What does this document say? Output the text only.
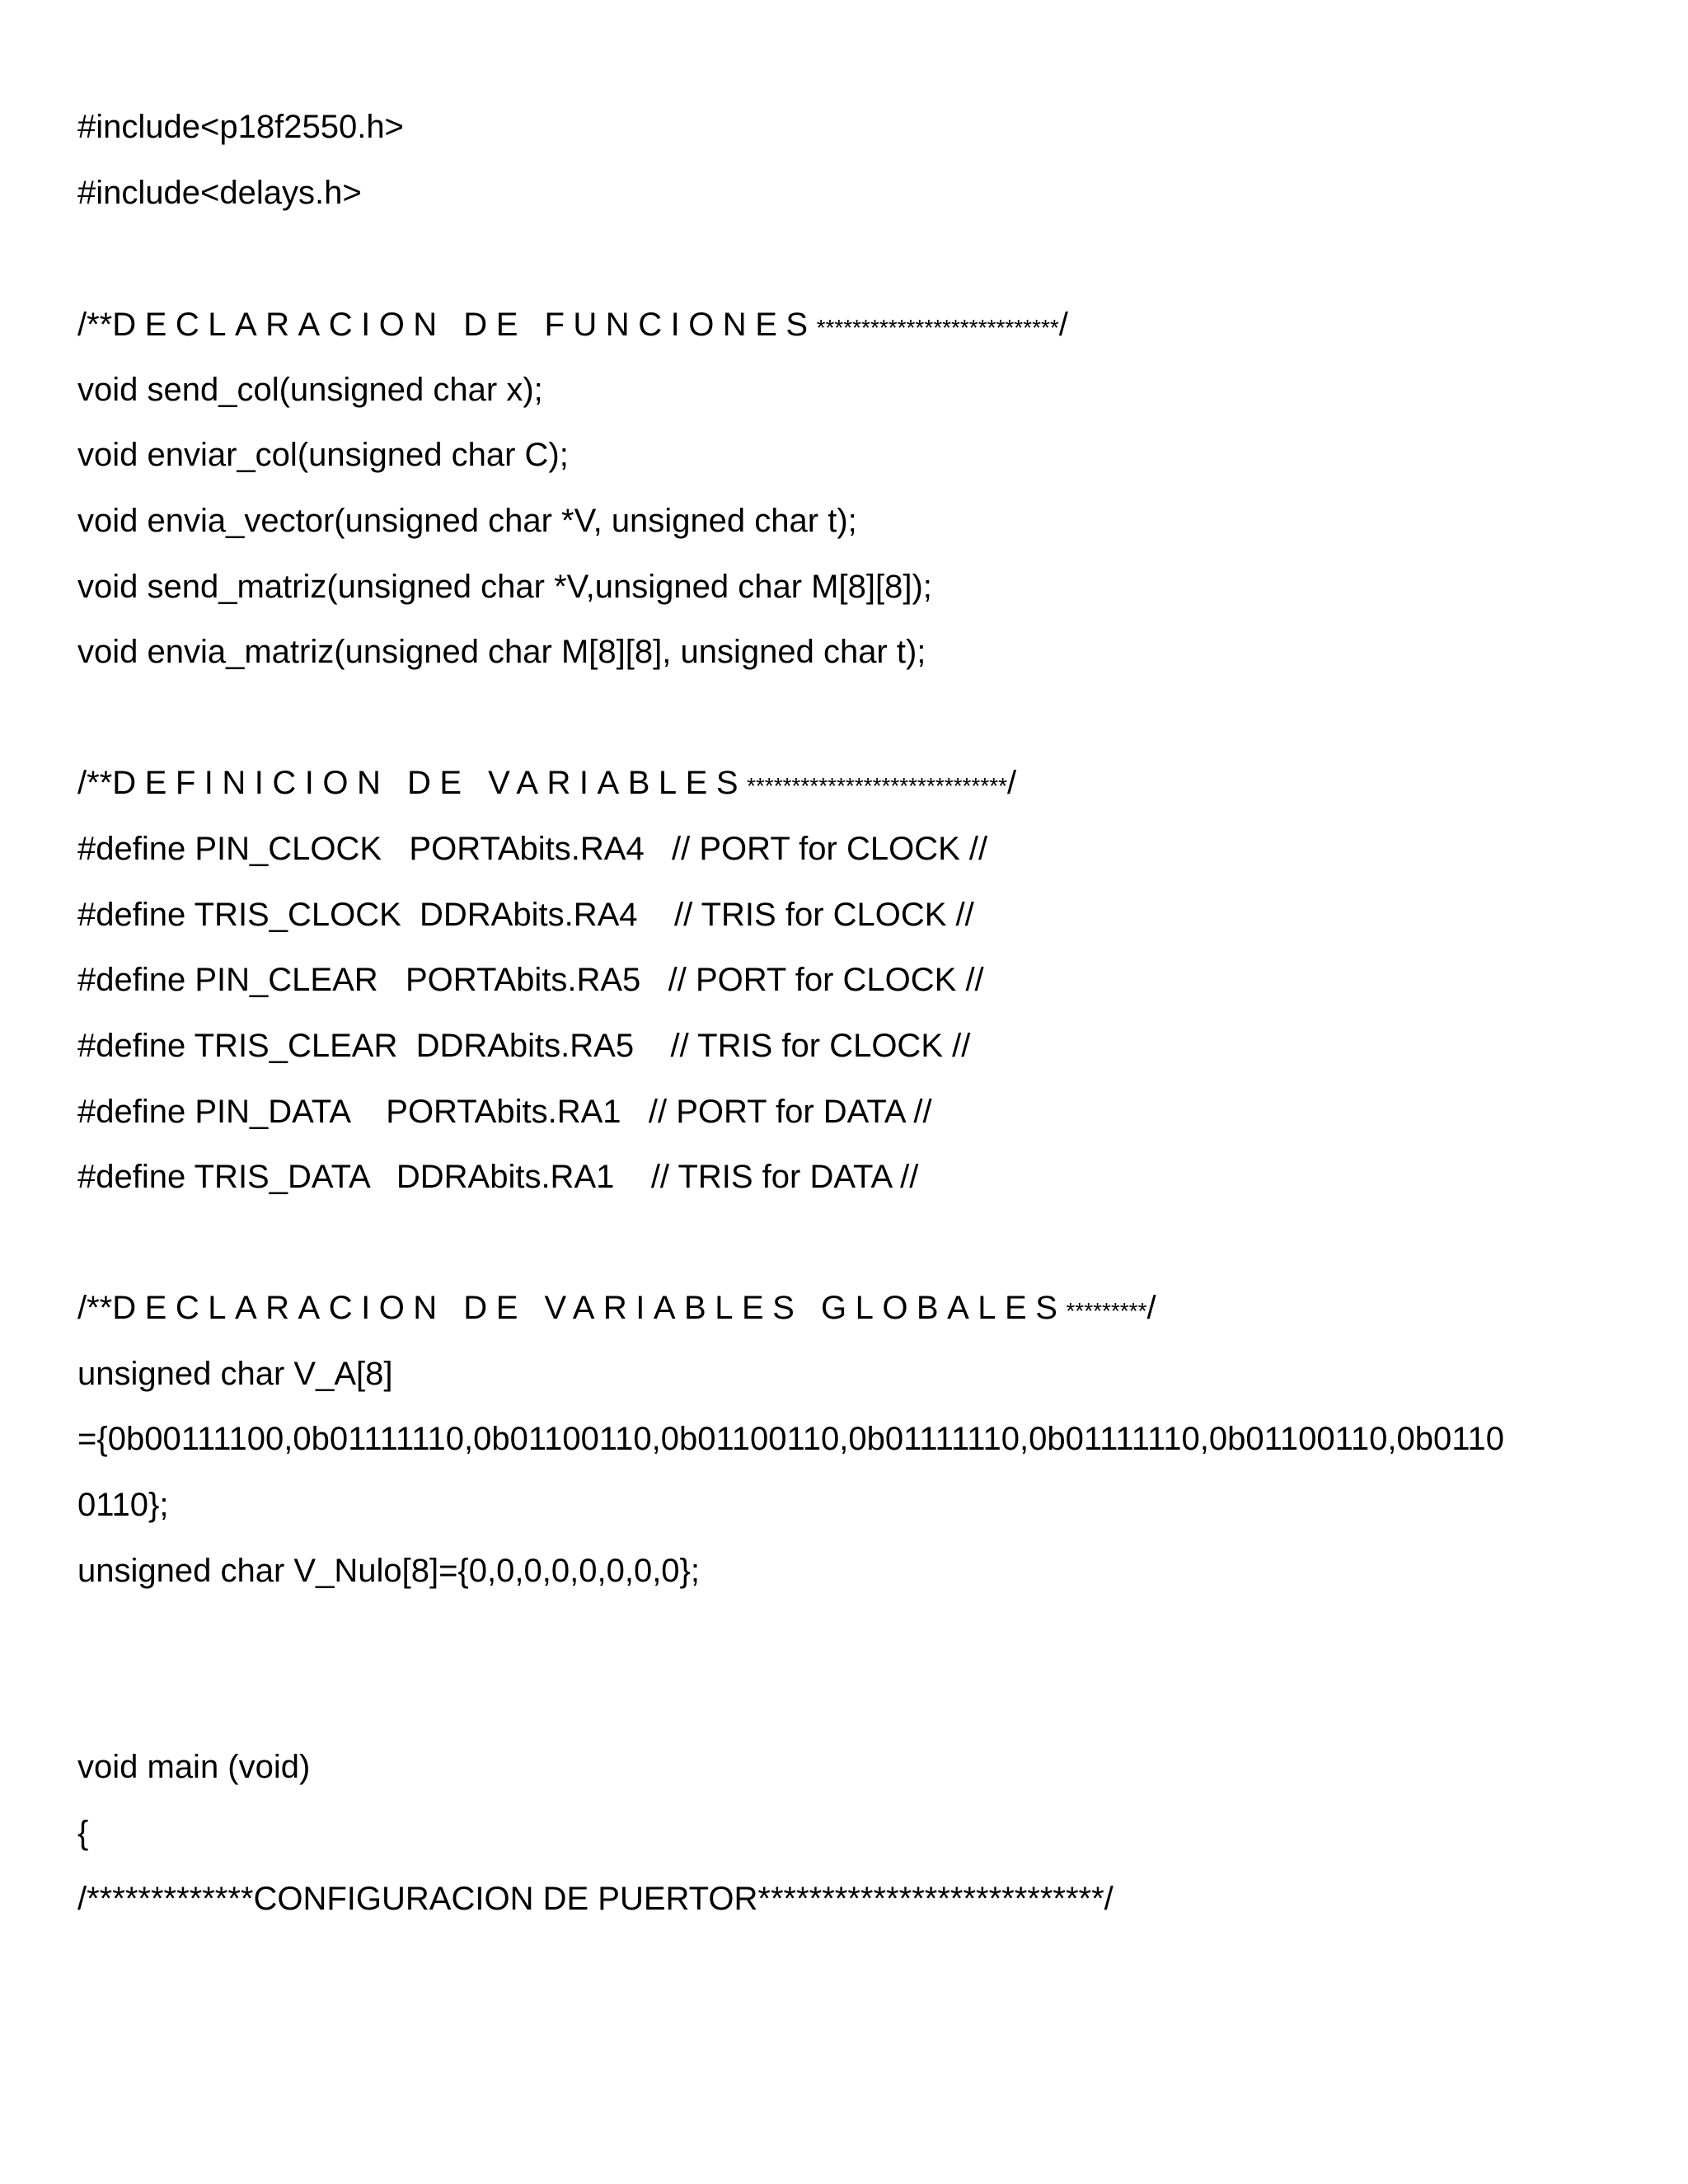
#include<p18f2550.h>

#include<delays.h>

/**DECLARACION DE FUNCIONES***************************/

void send_col(unsigned char x);

void enviar_col(unsigned char C);

void envia_vector(unsigned char *V, unsigned char t);

void send_matriz(unsigned char *V,unsigned char M[8][8]);

void envia_matriz(unsigned char M[8][8], unsigned char t);

/**DEFINICION DE VARIABLES*****************************/

#define PIN_CLOCK   PORTAbits.RA4   // PORT for CLOCK //

#define TRIS_CLOCK  DDRAbits.RA4    // TRIS for CLOCK //

#define PIN_CLEAR   PORTAbits.RA5   // PORT for CLOCK //

#define TRIS_CLEAR  DDRAbits.RA5    // TRIS for CLOCK //

#define PIN_DATA    PORTAbits.RA1   // PORT for DATA //

#define TRIS_DATA   DDRAbits.RA1    // TRIS for DATA //

/**DECLARACION DE VARIABLES GLOBALES*********/

unsigned char V_A[8]

={0b00111100,0b01111110,0b01100110,0b01100110,0b01111110,0b01111110,0b01100110,0b0110

0110};

unsigned char V_Nulo[8]={0,0,0,0,0,0,0,0};

void main (void)

{

/*************CONFIGURACION DE PUERTOR***************************/
